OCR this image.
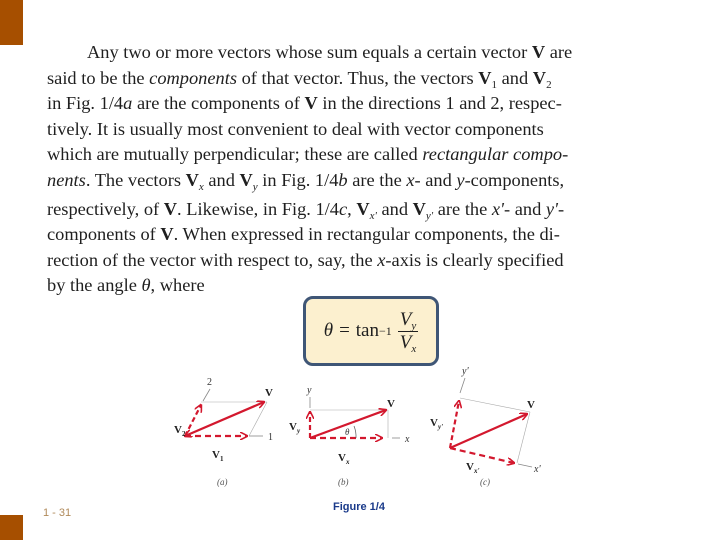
Any two or more vectors whose sum equals a certain vector V are
said to be the components of that vector. Thus, the vectors $V_1$ and $V_2$
in Fig. 1/4a are the components of V in the directions 1 and 2, respec-
tively. It is usually most convenient to deal with vector components
which are mutually perpendicular; these are called rectangular compo-
nents. The vectors $V_x$ and $V_y$ in Fig. 1/4b are the x- and y-components,
respectively, of V. Likewise, in Fig. 1/4c, $V_{x'}$ and $V_{y'}$ are the x'- and y'-
components of V. When expressed in rectangular components, the di-
rection of the vector with respect to, say, the x-axis is clearly specified
by the angle θ, where
$\theta = \tan -1 \frac{V_y}{V_x}$
2
1
V
$V_2$
$V_1$
(a)
y
x
θ
V
$V_y$
$V_x$
(b)
y'
x'
V
$V_{y'}$
$V_{x'}$
(c)
Figure 1/4
1 - 31
